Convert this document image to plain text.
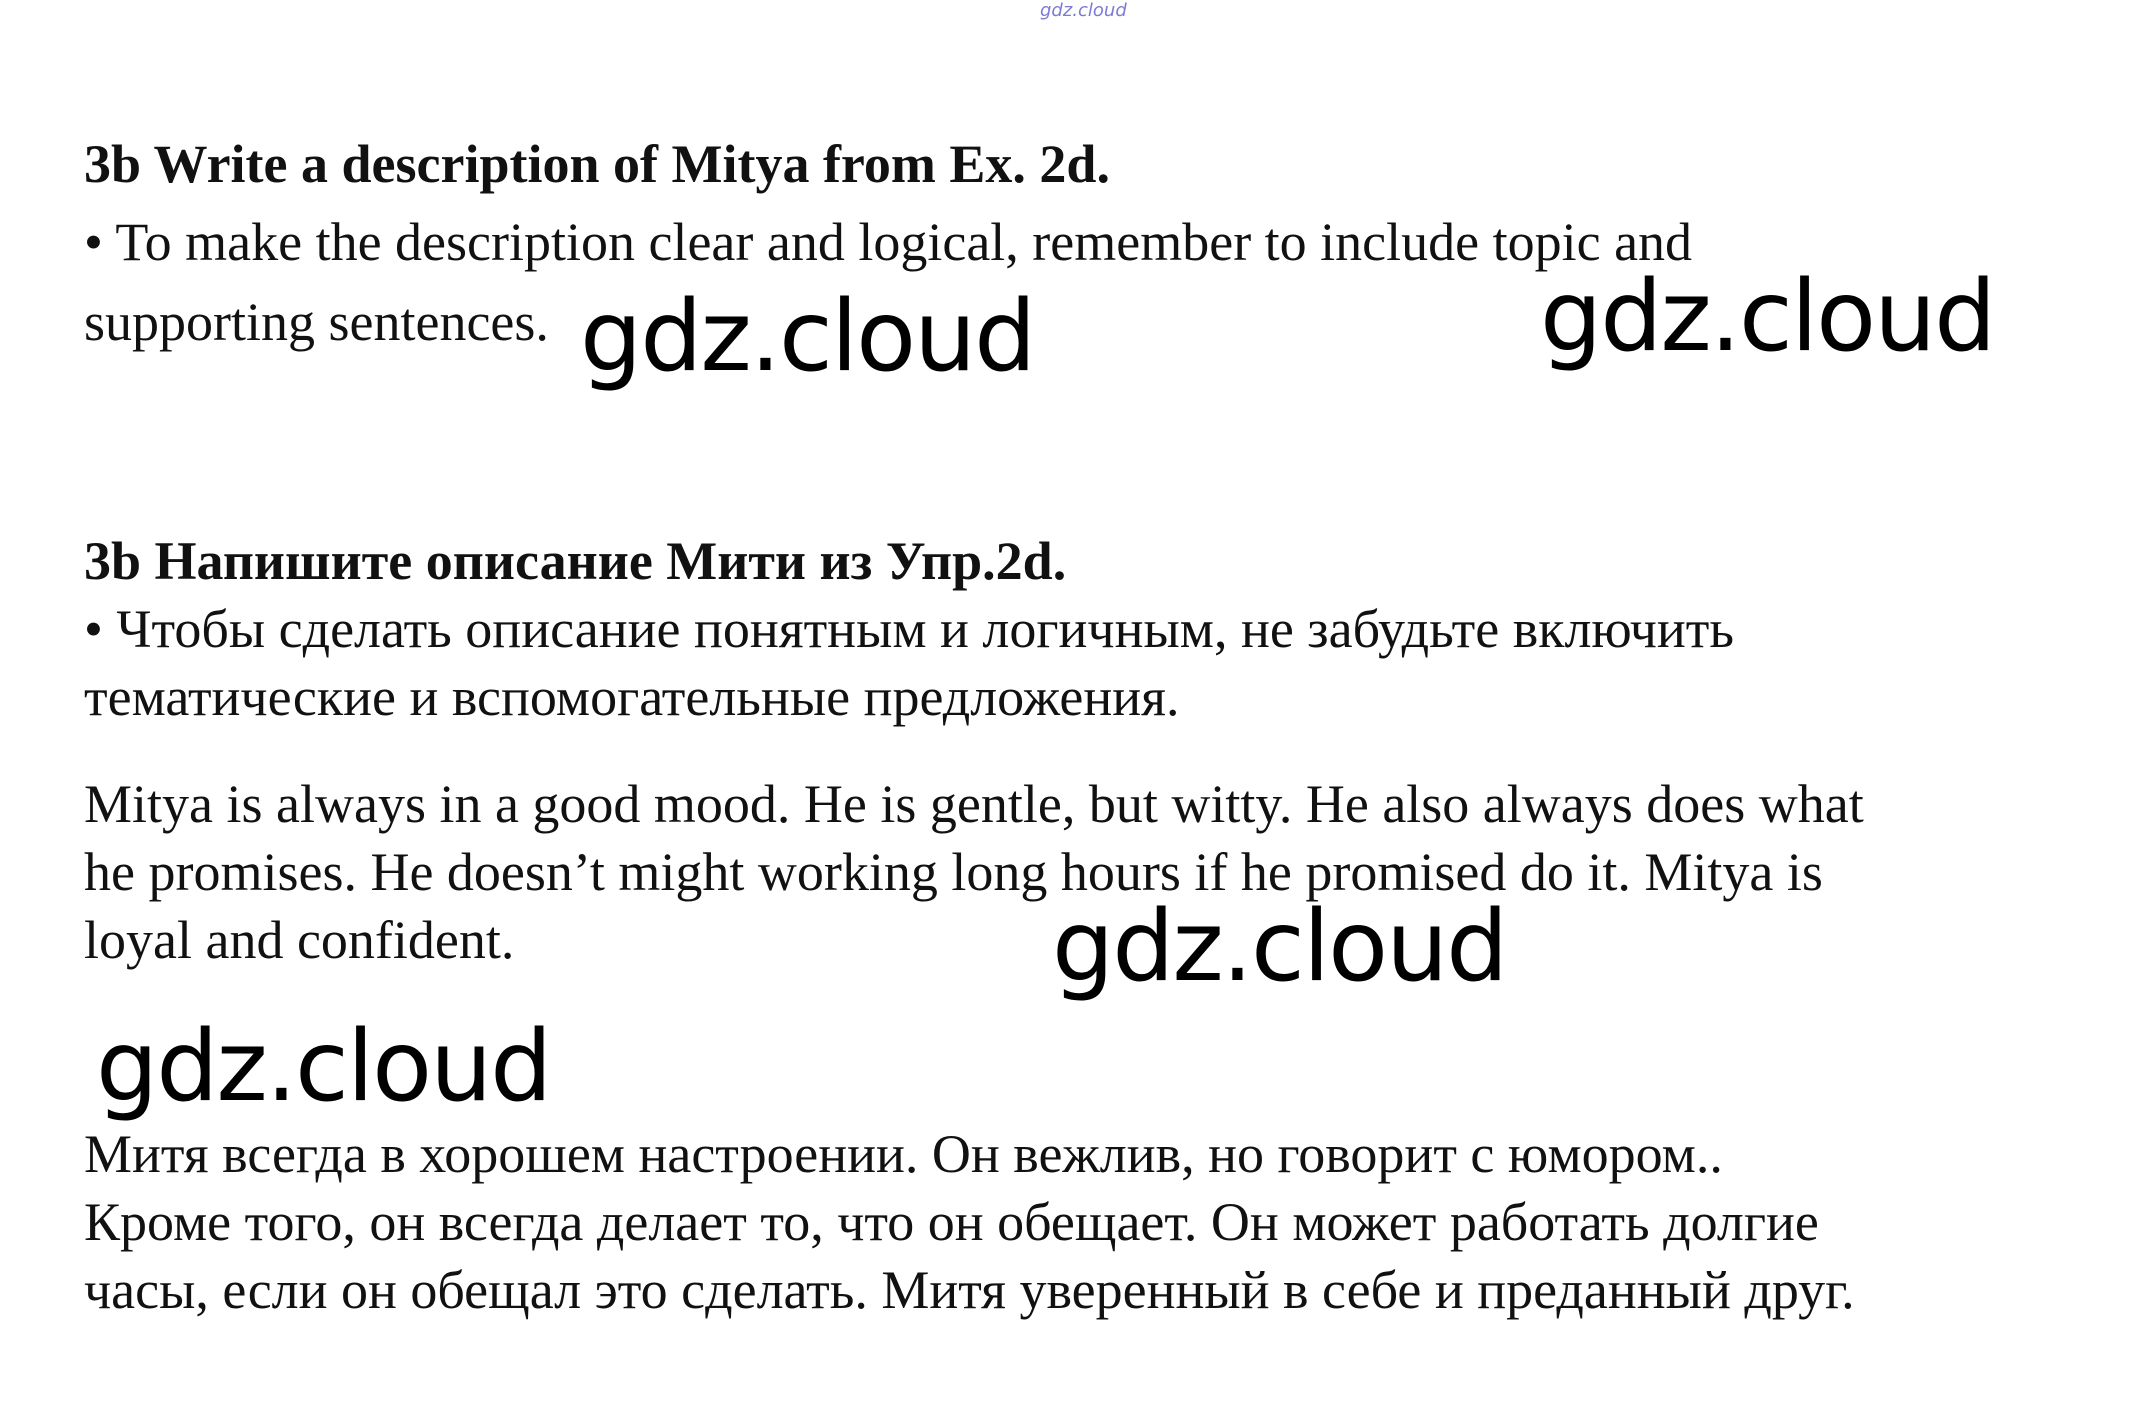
gdz.cloud
3b Write a description of Mitya from Ex. 2d.
• To make the description clear and logical, remember to include topic and
supporting sentences.
3b Напишите описание Мити из Упр.2d.
• Чтобы сделать описание понятным и логичным, не забудьте включить
тематические и вспомогательные предложения.
Mitya is always in a good mood. He is gentle, but witty. He also always does what
he promises. He doesn’t might working long hours if he promised do it. Mitya is
loyal and confident.
Митя всегда в хорошем настроении. Он вежлив, но говорит с юмором..
Кроме того, он всегда делает то, что он обещает. Он может работать долгие
часы, если он обещал это сделать. Митя уверенный в себе и преданный друг.
gdz.cloud	gdz.cloud
gdz.cloud
gdz.cloud
